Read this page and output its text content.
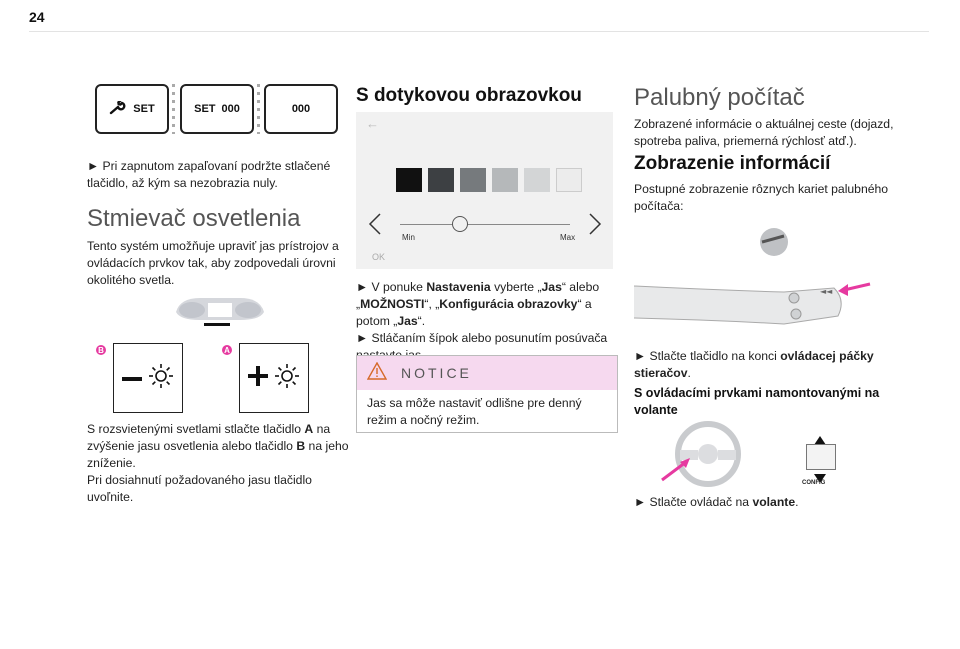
24
SET	SET 000	000

► Pri zapnutom zapaľovaní podržte stlačené tlačidlo, až kým sa nezobrazia nuly.

Stmievač osvetlenia

Tento systém umožňuje upraviť jas prístrojov a ovládacích prvkov tak, aby zodpovedali úrovni okolitého svetla.

B	A

S rozsvietenými svetlami stlačte tlačidlo A na zvýšenie jasu osvetlenia alebo tlačidlo B na jeho zníženie.
Pri dosiahnutí požadovaného jasu tlačidlo uvoľnite.

S dotykovou obrazovkou
←
Min	Max
OK

► V ponuke Nastavenia vyberte „Jas“ alebo „MOŽNOSTI“, „Konfigurácia obrazovky“ a potom „Jas“.
► Stláčaním šípok alebo posunutím posúvača

NOTICE

Jas sa môže nastaviť odlišne pre denný režim a nočný režim.

Palubný počítač

Zobrazené informácie o aktuálnej ceste (dojazd, spotreba paliva, priemerná rýchlosť atď.).

Zobrazenie informácií

Postupné zobrazenie rôznych kariet palubného počítača:

◄◄

► Stlačte tlačidlo na konci ovládacej páčky stieračov.

S ovládacími prvkami namontovanými na volante
CONFIG

► Stlačte ovládač na volante.
